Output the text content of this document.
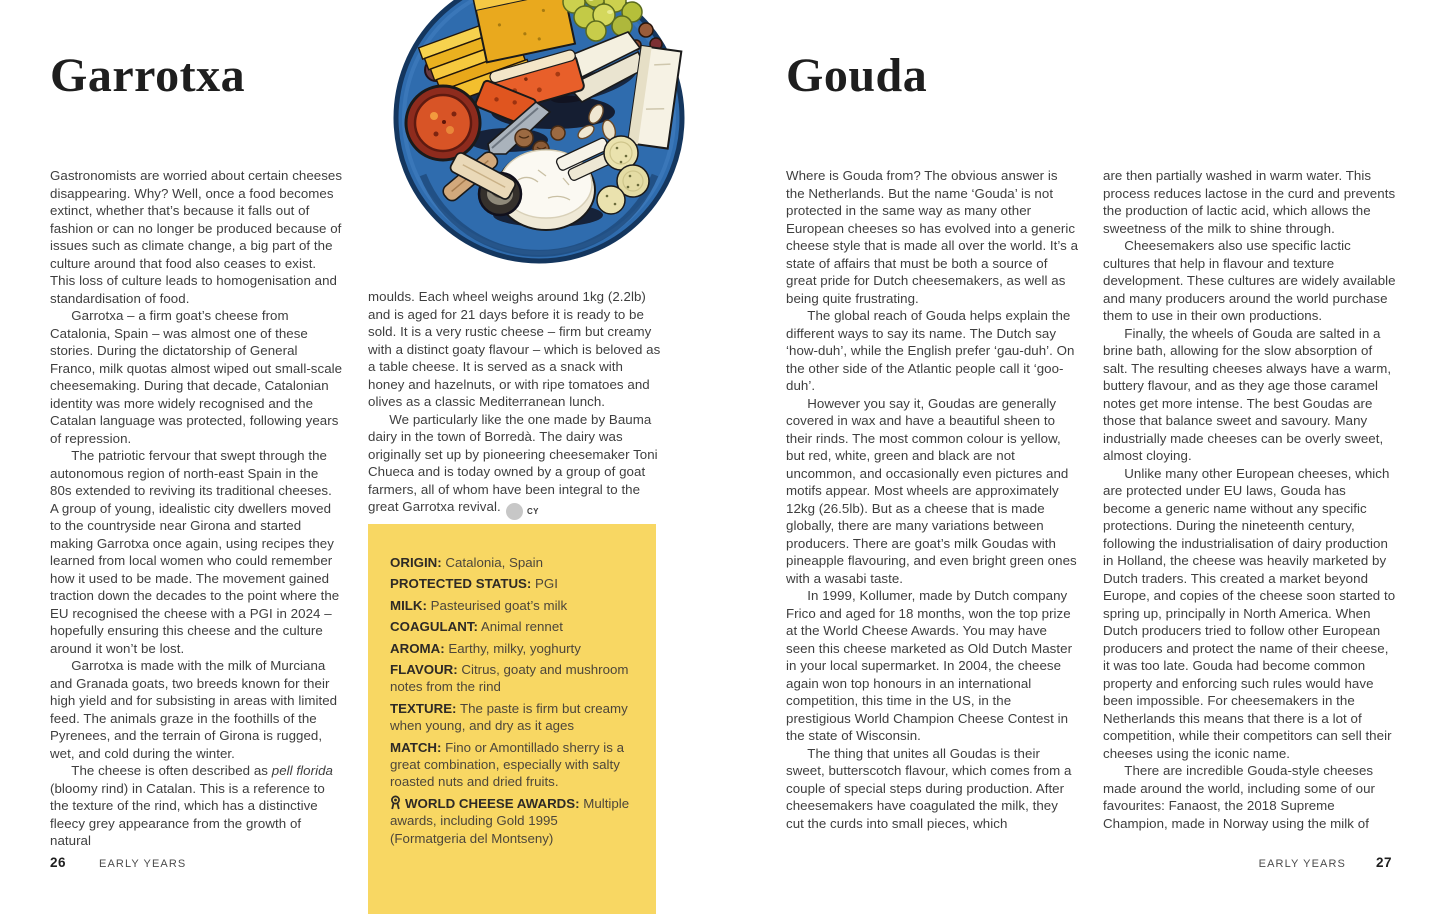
Garrotxa

Gastronomists are worried about certain cheeses disappearing. Why? Well, once a food becomes extinct, whether that’s because it falls out of fashion or can no longer be produced because of issues such as climate change, a big part of the culture around that food also ceases to exist. This loss of culture leads to homogenisation and standardisation of food.

Garrotxa – a firm goat’s cheese from Catalonia, Spain – was almost one of these stories. During the dictatorship of General Franco, milk quotas almost wiped out small-scale cheesemaking. During that decade, Catalonian identity was more widely recognised and the Catalan language was protected, following years of repression.

The patriotic fervour that swept through the autonomous region of north-east Spain in the 80s extended to reviving its traditional cheeses. A group of young, idealistic city dwellers moved to the countryside near Girona and started making Garrotxa once again, using recipes they learned from local women who could remember how it used to be made. The movement gained traction down the decades to the point where the EU recognised the cheese with a PGI in 2024 – hopefully ensuring this cheese and the culture around it won’t be lost.

Garrotxa is made with the milk of Murciana and Granada goats, two breeds known for their high yield and for subsisting in areas with limited feed. The animals graze in the foothills of the Pyrenees, and the terrain of Girona is rugged, wet, and cold during the winter.

The cheese is often described as pell florida (bloomy rind) in Catalan. This is a reference to the texture of the rind, which has a distinctive fleecy grey appearance from the growth of natural

moulds. Each wheel weighs around 1kg (2.2lb) and is aged for 21 days before it is ready to be sold. It is a very rustic cheese – firm but creamy with a distinct goaty flavour – which is beloved as a table cheese. It is served as a snack with honey and hazelnuts, or with ripe tomatoes and olives as a classic Mediterranean lunch.

We particularly like the one made by Bauma dairy in the town of Borredà. The dairy was originally set up by pioneering cheesemaker Toni Chueca and is today owned by a group of goat farmers, all of whom have been integral to the great Garrotxa revival.	CY

ORIGIN: Catalonia, Spain

PROTECTED STATUS: PGI

MILK: Pasteurised goat’s milk

COAGULANT: Animal rennet

AROMA: Earthy, milky, yoghurty

FLAVOUR: Citrus, goaty and mushroom notes from the rind

TEXTURE: The paste is firm but creamy when young, and dry as it ages

MATCH: Fino or Amontillado sherry is a great combination, especially with salty roasted nuts and dried fruits.

WORLD CHEESE AWARDS: Multiple awards, including Gold 1995 (Formatgeria del Montseny)

26	EARLY YEARS
Gouda

Where is Gouda from? The obvious answer is the Netherlands. But the name ‘Gouda’ is not protected in the same way as many other European cheeses so has evolved into a generic cheese style that is made all over the world. It’s a state of affairs that must be both a source of great pride for Dutch cheesemakers, as well as being quite frustrating.

The global reach of Gouda helps explain the different ways to say its name. The Dutch say ‘how-duh’, while the English prefer ‘gau-duh’. On the other side of the Atlantic people call it ‘goo-duh’.

However you say it, Goudas are generally covered in wax and have a beautiful sheen to their rinds. The most common colour is yellow, but red, white, green and black are not uncommon, and occasionally even pictures and motifs appear. Most wheels are approximately 12kg (26.5lb). But as a cheese that is made globally, there are many variations between producers. There are goat’s milk Goudas with pineapple flavouring, and even bright green ones with a wasabi taste.

In 1999, Kollumer, made by Dutch company Frico and aged for 18 months, won the top prize at the World Cheese Awards. You may have seen this cheese marketed as Old Dutch Master in your local supermarket. In 2004, the cheese again won top honours in an international competition, this time in the US, in the prestigious World Champion Cheese Contest in the state of Wisconsin.

The thing that unites all Goudas is their sweet, butterscotch flavour, which comes from a couple of special steps during production. After cheesemakers have coagulated the milk, they cut the curds into small pieces, which

are then partially washed in warm water. This process reduces lactose in the curd and prevents the production of lactic acid, which allows the sweetness of the milk to shine through.

Cheesemakers also use specific lactic cultures that help in flavour and texture development. These cultures are widely available and many producers around the world purchase them to use in their own productions.

Finally, the wheels of Gouda are salted in a brine bath, allowing for the slow absorption of salt. The resulting cheeses always have a warm, buttery flavour, and as they age those caramel notes get more intense. The best Goudas are those that balance sweet and savoury. Many industrially made cheeses can be overly sweet, almost cloying.

Unlike many other European cheeses, which are protected under EU laws, Gouda has become a generic name without any specific protections. During the nineteenth century, following the industrialisation of dairy production in Holland, the cheese was heavily marketed by Dutch traders. This created a market beyond Europe, and copies of the cheese soon started to spring up, principally in North America. When Dutch producers tried to follow other European producers and protect the name of their cheese, it was too late. Gouda had become common property and enforcing such rules would have been impossible. For cheesemakers in the Netherlands this means that there is a lot of competition, while their competitors can sell their cheeses using the iconic name.

There are incredible Gouda-style cheeses made around the world, including some of our favourites: Fanaost, the 2018 Supreme Champion, made in Norway using the milk of

EARLY YEARS 27
